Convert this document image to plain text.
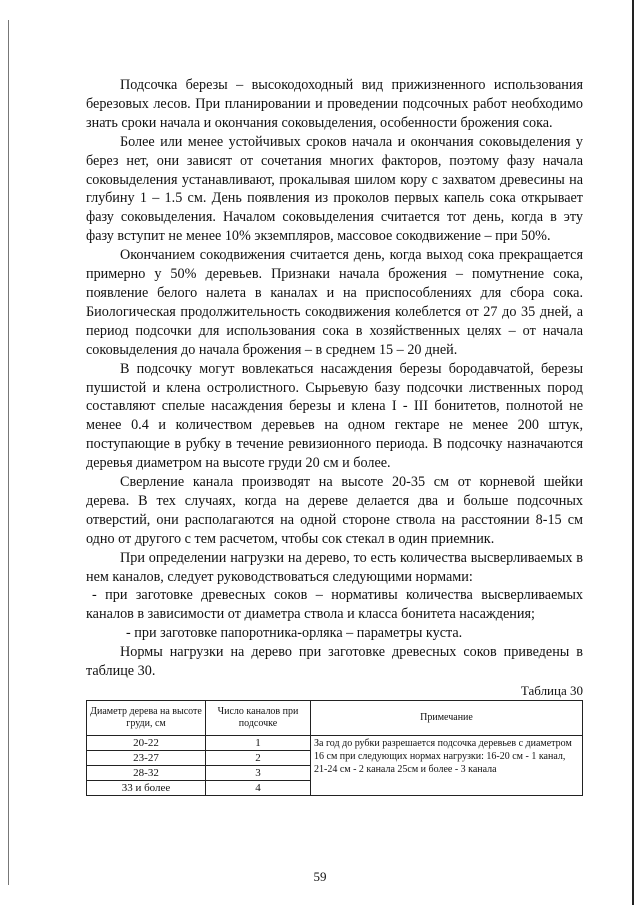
Подсочка березы – высокодоходный вид прижизненного использования березовых лесов. При планировании и проведении подсочных работ необходимо знать сроки начала и окончания соковыделения, особенности брожения сока.

Более или менее устойчивых сроков начала и окончания соковыделения у берез нет, они зависят от сочетания многих факторов, поэтому фазу начала соковыделения устанавливают, прокалывая шилом кору с захватом древесины на глубину 1 – 1.5 см. День появления из проколов первых капель сока открывает фазу соковыделения. Началом соковыделения считается тот день, когда в эту фазу вступит не менее 10% экземпляров, массовое сокодвижение – при 50%.

Окончанием сокодвижения считается день, когда выход сока прекращается примерно у 50% деревьев. Признаки начала брожения – помутнение сока, появление белого налета в каналах и на приспособлениях для сбора сока. Биологическая продолжительность сокодвижения колеблется от 27 до 35 дней, а период подсочки для использования сока в хозяйственных целях – от начала соковыделения до начала брожения – в среднем 15 – 20 дней.

В подсочку могут вовлекаться насаждения березы бородавчатой, березы пушистой и клена остролистного. Сырьевую базу подсочки лиственных пород составляют спелые насаждения березы и клена I - III бонитетов, полнотой не менее 0.4 и количеством деревьев на одном гектаре не менее 200 штук, поступающие в рубку в течение ревизионного периода. В подсочку назначаются деревья диаметром на высоте груди 20 см и более.

Сверление канала производят на высоте 20-35 см от корневой шейки дерева. В тех случаях, когда на дереве делается два и больше подсочных отверстий, они располагаются на одной стороне ствола на расстоянии 8-15 см одно от другого с тем расчетом, чтобы сок стекал в один приемник.

При определении нагрузки на дерево, то есть количества высверливаемых в нем каналов, следует руководствоваться следующими нормами:

- при заготовке древесных соков – нормативы количества высверливаемых каналов в зависимости от диаметра ствола и класса бонитета насаждения;

- при заготовке папоротника-орляка – параметры куста.

Нормы нагрузки на дерево при заготовке древесных соков приведены в таблице 30.

Таблица 30
Диаметр дерева на высоте груди, см	Число каналов при подсочке	Примечание
20-22	1	За год до рубки разрешается подсочка деревьев с диаметром 16 см при следующих нормах нагрузки: 16-20 см - 1 канал, 21-24 см - 2 канала 25см и более - 3 канала
23-27	2	
28-32	3	
33 и более	4	
59
